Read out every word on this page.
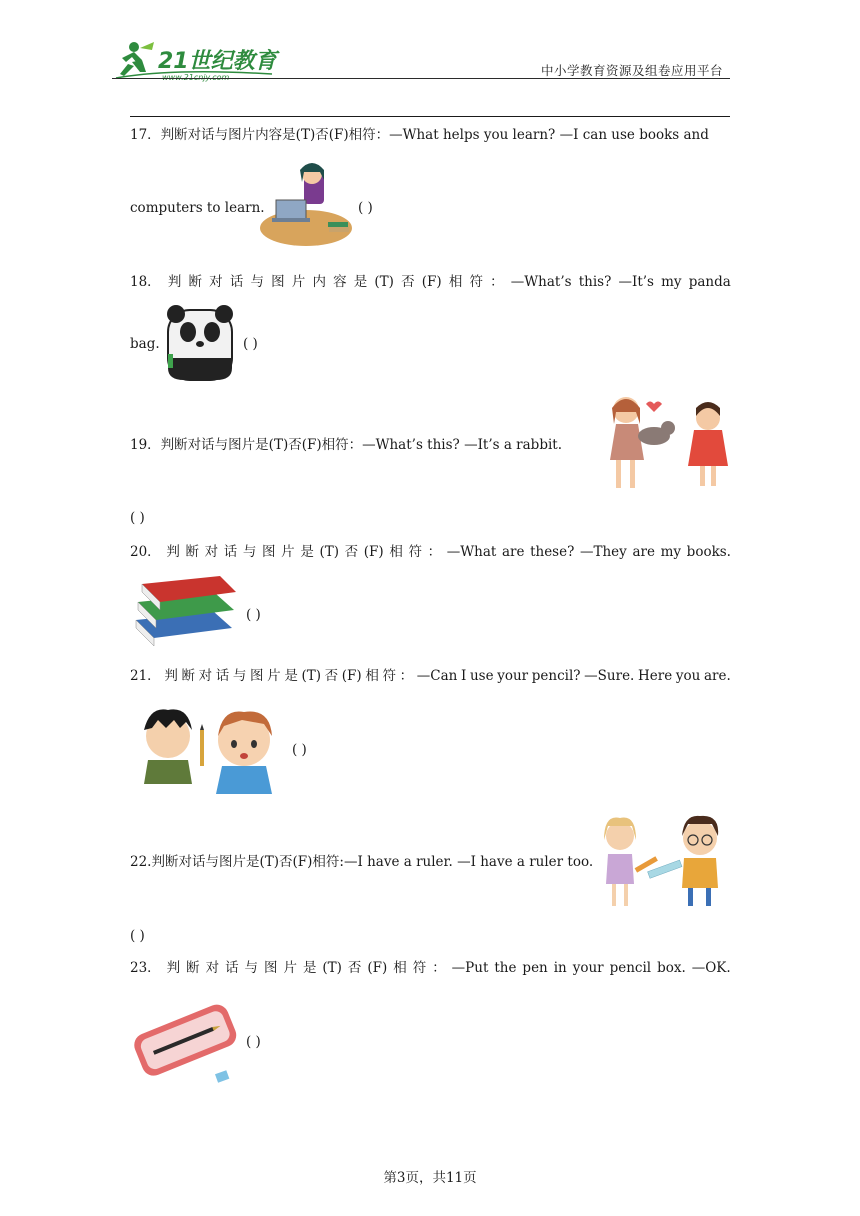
21世纪教育	中小学教育资源及组卷应用平台
17．判断对话与图片内容是(T)否(F)相符：—What helps you learn? —I can use books and
computers to learn.	( )
18． 判 断 对 话 与 图 片 内 容 是 (T) 否 (F) 相 符 ： —What’s this? —It’s my panda
bag.	( )
19．判断对话与图片是(T)否(F)相符：—What’s this? —It’s a rabbit.
( )
20． 判 断 对 话 与 图 片 是 (T) 否 (F) 相 符 ： —What are these? —They are my books.
( )
21． 判 断 对 话 与 图 片 是 (T) 否 (F) 相 符 ： —Can I use your pencil? —Sure. Here you are.
( )
22.判断对话与图片是(T)否(F)相符:—I have a ruler. —I have a ruler too.
( )
23． 判 断 对 话 与 图 片 是 (T) 否 (F) 相 符 ： —Put the pen in your pencil box. —OK.
( )
第3页，共11页
